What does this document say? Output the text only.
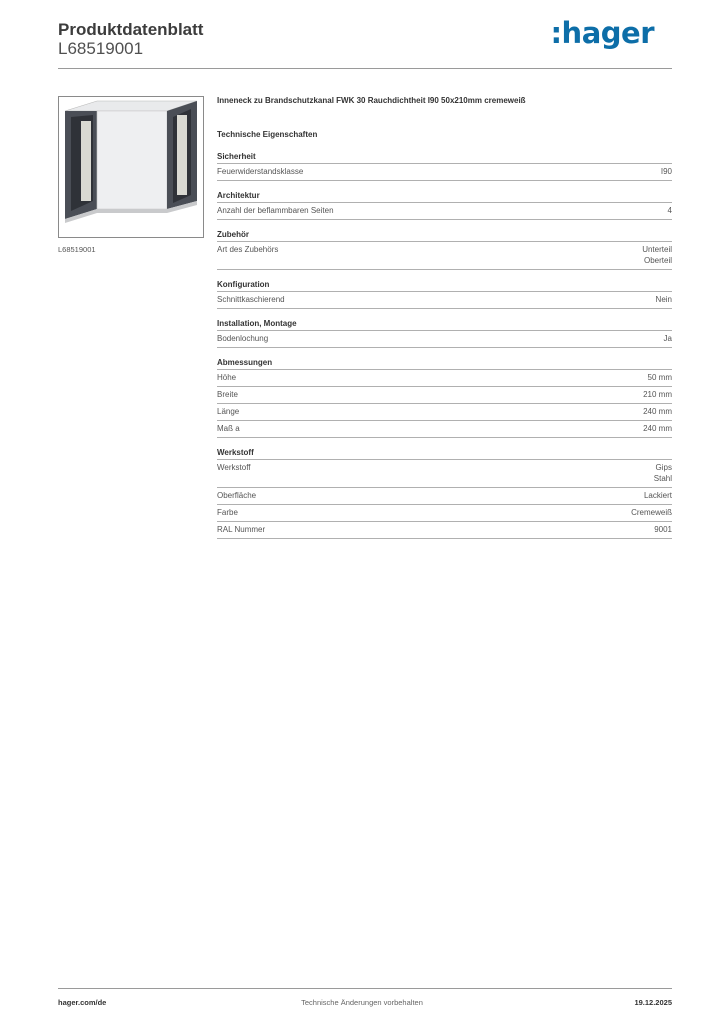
Produktdatenblatt
L68519001	:hager
L68519001
Inneneck zu Brandschutzkanal FWK 30 Rauchdichtheit I90 50x210mm cremeweiß
Technische Eigenschaften
Sicherheit
Feuerwiderstandsklasse	I90
Architektur
Anzahl der beflammbaren Seiten	4
Zubehör
Art des Zubehörs	Unterteil
Oberteil
Konfiguration
Schnittkaschierend	Nein
Installation, Montage
Bodenlochung	Ja
Abmessungen
Höhe	50 mm
Breite	210 mm
Länge	240 mm
Maß a	240 mm
Werkstoff
Werkstoff	Gips
Stahl
Oberfläche	Lackiert
Farbe	Cremeweiß
RAL Nummer	9001
hager.com/de	Technische Änderungen vorbehalten	19.12.2025
